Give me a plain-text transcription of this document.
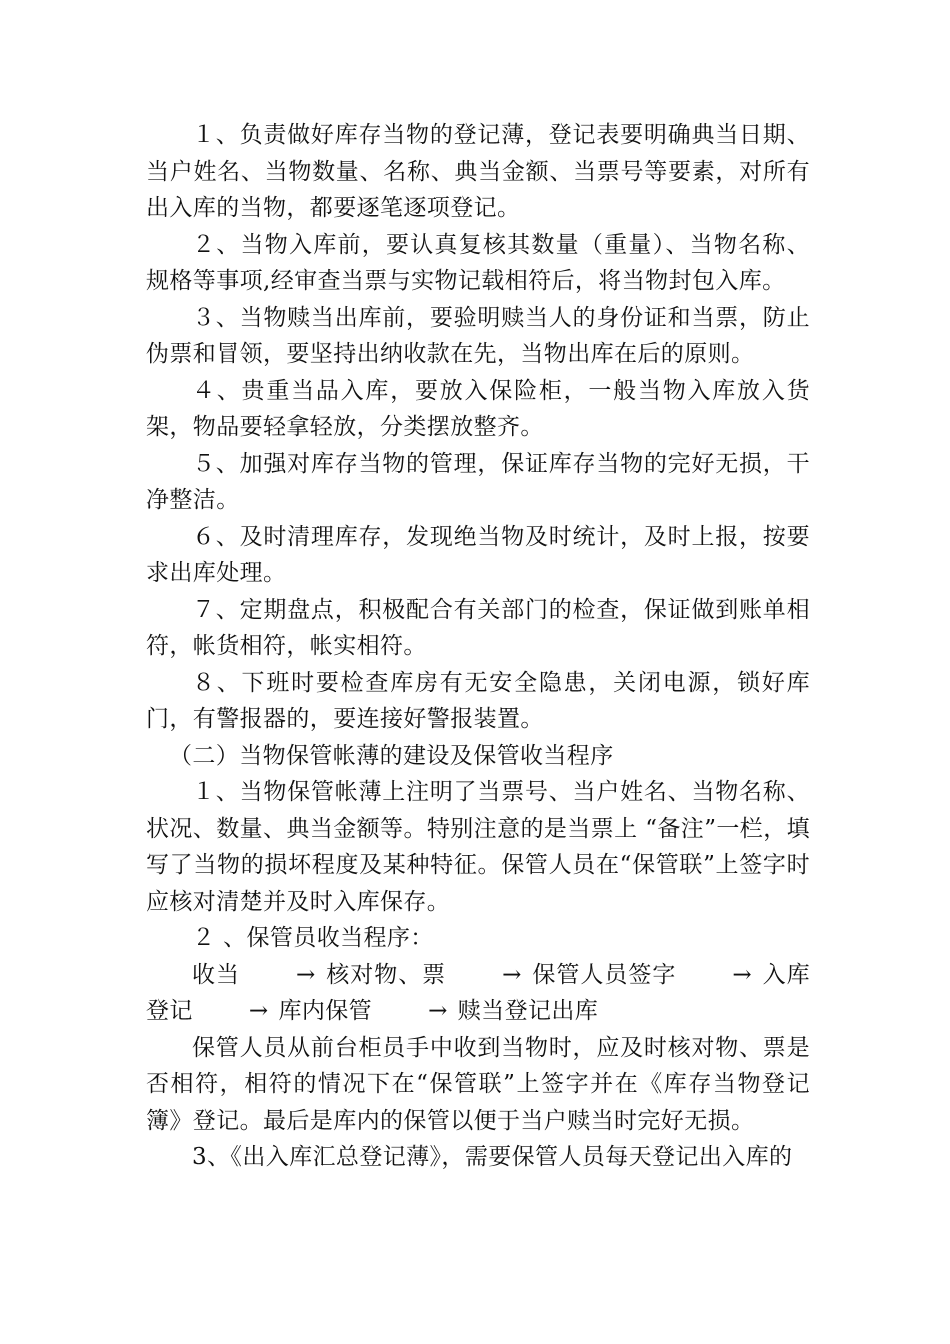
１、负责做好库存当物的登记薄，登记表要明确典当日期、当户姓名、当物数量、名称、典当金额、当票号等要素，对所有出入库的当物，都要逐笔逐项登记。

２、当物入库前，要认真复核其数量（重量）、当物名称、规格等事项,经审查当票与实物记载相符后，将当物封包入库。

３、当物赎当出库前，要验明赎当人的身份证和当票，防止伪票和冒领，要坚持出纳收款在先，当物出库在后的原则。

４、贵重当品入库，要放入保险柜，一般当物入库放入货架，物品要轻拿轻放，分类摆放整齐。

５、加强对库存当物的管理，保证库存当物的完好无损，干净整洁。

６、及时清理库存，发现绝当物及时统计，及时上报，按要求出库处理。

７、定期盘点，积极配合有关部门的检查，保证做到账单相符，帐货相符，帐实相符。

８、下班时要检查库房有无安全隐患，关闭电源，锁好库门，有警报器的，要连接好警报装置。

（二）当物保管帐薄的建设及保管收当程序

１、当物保管帐薄上注明了当票号、当户姓名、当物名称、状况、数量、典当金额等。特别注意的是当票上 “备注”一栏，填写了当物的损坏程度及某种特征。保管人员在“保管联”上签字时应核对清楚并及时入库保存。

２ 、保管员收当程序：

收当 → 核对物、票 → 保管人员签字 → 入库登记 → 库内保管 → 赎当登记出库

保管人员从前台柜员手中收到当物时，应及时核对物、票是否相符，相符的情况下在“保管联”上签字并在《库存当物登记簿》登记。最后是库内的保管以便于当户赎当时完好无损。

3、《出入库汇总登记薄》，需要保管人员每天登记出入库的
